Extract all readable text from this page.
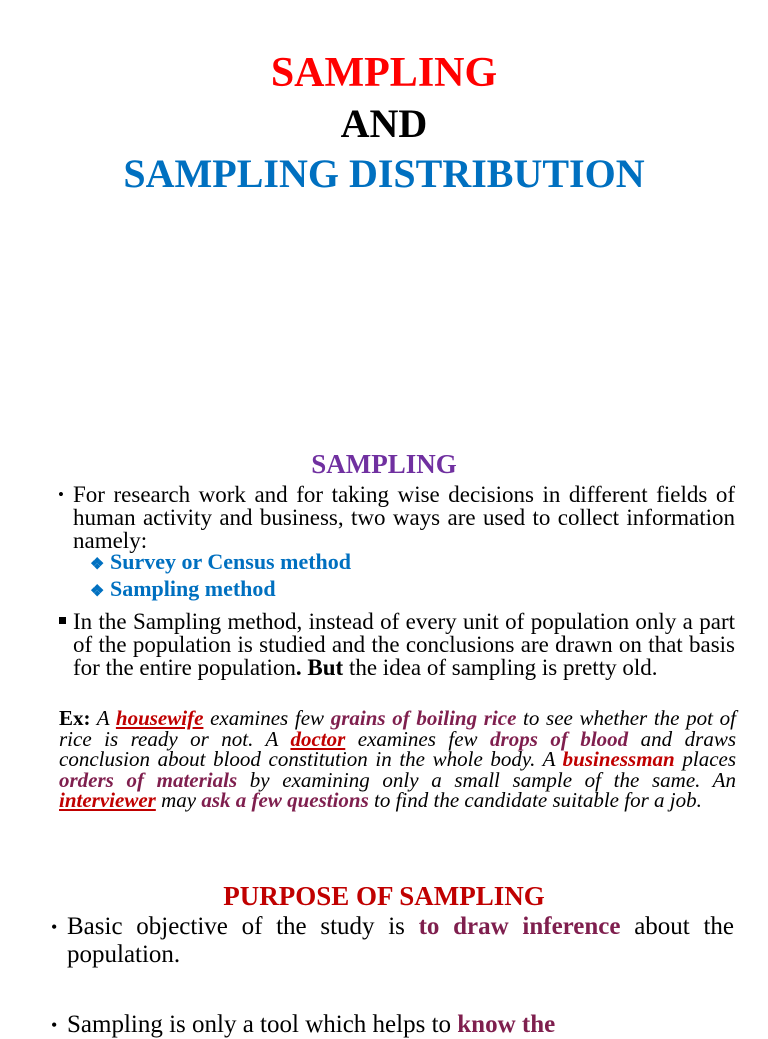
SAMPLING
AND
SAMPLING DISTRIBUTION
SAMPLING
• For research work and for taking wise decisions in different fields of human activity and business, two ways are used to collect information namely:
❖ Survey or Census method
❖ Sampling method
In the Sampling method, instead of every unit of population only a part of the population is studied and the conclusions are drawn on that basis for the entire population. But the idea of sampling is pretty old.
Ex: A housewife examines few grains of boiling rice to see whether the pot of rice is ready or not. A doctor examines few drops of blood and draws conclusion about blood constitution in the whole body. A businessman places orders of materials by examining only a small sample of the same. An interviewer may ask a few questions to find the candidate suitable for a job.
PURPOSE OF SAMPLING
• Basic objective of the study is to draw inference about the population.
• Sampling is only a tool which helps to know the
